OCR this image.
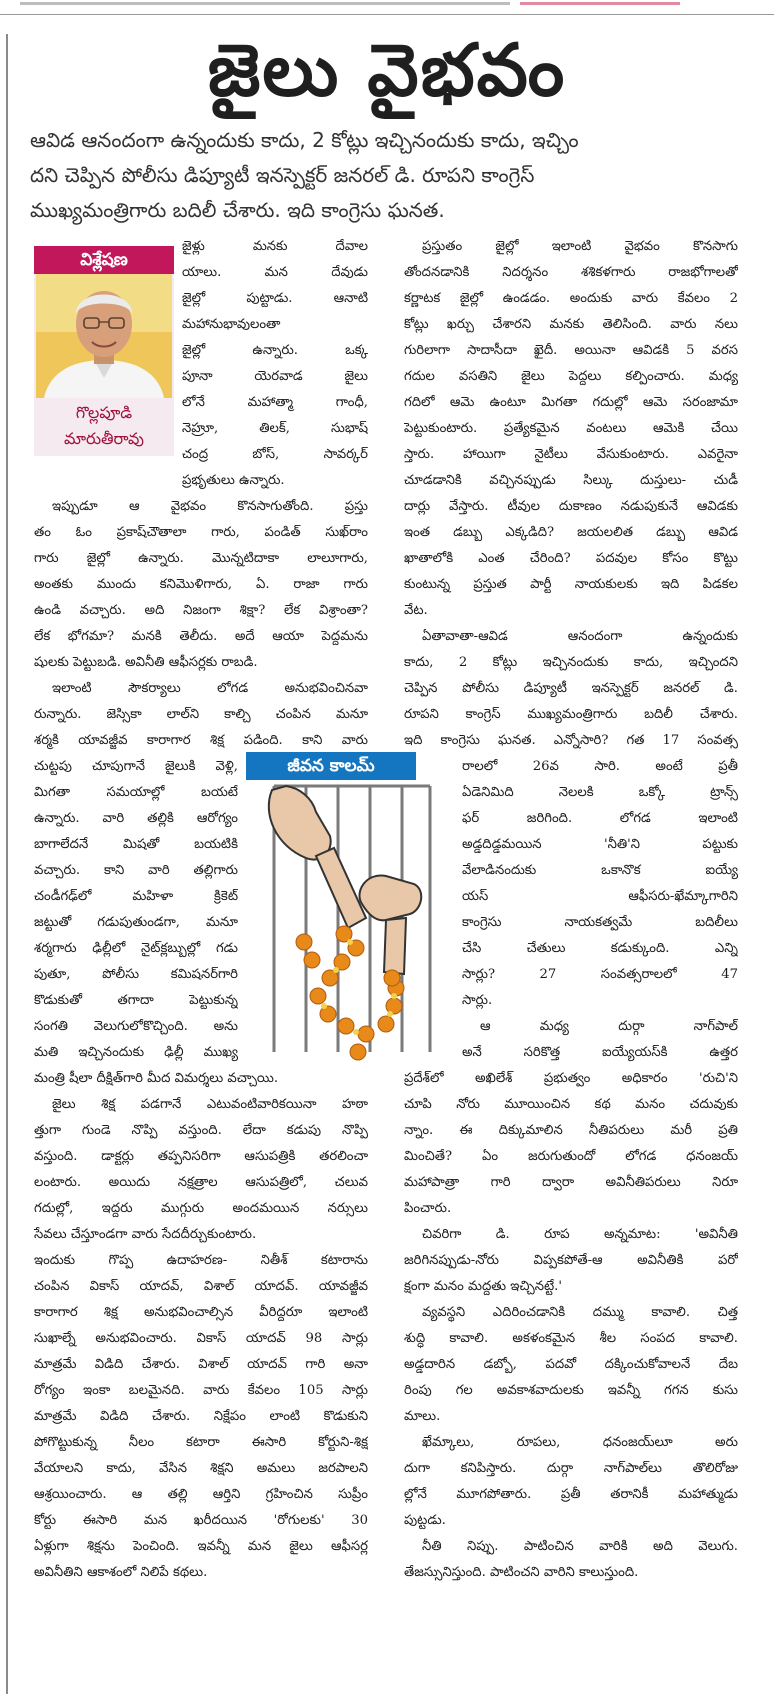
జైలు వైభవం

ఆవిడ ఆనందంగా ఉన్నందుకు కాదు, 2 కోట్లు ఇచ్చినందుకు కాదు, ఇచ్చిం

దని చెప్పిన పోలీసు డిప్యూటీ ఇనస్పెక్టర్ జనరల్ డి. రూపని కాంగ్రెస్

ముఖ్యమంత్రిగారు బదిలీ చేశారు. ఇది కాంగ్రెసు ఘనత.

విశ్లేషణ
గొల్లపూడి
మారుతీరావు
జైళ్లు మనకు దేవాల
యాలు. మన దేవుడు
జైల్లో పుట్టాడు. ఆనాటి
మహానుభావులంతా
జైల్లో ఉన్నారు. ఒక్క
పూనా యెరవాడ జైలు
లోనే మహాత్మా గాంధీ,
నెహ్రూ, తిలక్, సుభాష్
చంద్ర బోస్, సావర్కర్
ప్రభృతులు ఉన్నారు.
ఇప్పుడూ ఆ వైభవం కొనసాగుతోంది. ప్రస్తు
తం ఓం ప్రకాష్‌చౌతాలా గారు, పండిత్ సుఖ్‌రాం
గారు జైల్లో ఉన్నారు. మొన్నటిదాకా లాలూగారు,
అంతకు ముందు కనిమొళిగారు, ఏ. రాజా గారు
ఉండి వచ్చారు. అది నిజంగా శిక్షా? లేక విశ్రాంతా?
లేక భోగమా? మనకి తెలీదు. అదే ఆయా పెద్దమను
షులకు పెట్టుబడి. అవినీతి ఆఫీసర్లకు రాబడి.
ఇలాంటి సౌకర్యాలు లోగడ అనుభవించినవా
రున్నారు. జెస్సికా లాల్‌ని కాల్చి చంపిన మనూ
శర్మకి యావజ్జీవ కారాగార శిక్ష పడింది. కాని వారు
చుట్టపు చూపుగానే జైలుకి వెళ్లి,
మిగతా సమయాల్లో బయటే
ఉన్నారు. వారి తల్లికి ఆరోగ్యం
బాగాలేదనే మిషతో బయటికి
వచ్చారు. కాని వారి తల్లిగారు
చండీగఢ్‌లో మహిళా క్రికెట్
జట్టుతో గడుపుతుండగా, మనూ
శర్మగారు ఢిల్లీలో నైట్‌క్లబ్బుల్లో గడు
పుతూ, పోలీసు కమిషనర్‌గారి
కొడుకుతో తగాదా పెట్టుకున్న
సంగతి వెలుగులోకొచ్చింది. అను
మతి ఇచ్చినందుకు ఢిల్లీ ముఖ్య
మంత్రి షీలా దీక్షిత్‌గారి మీద విమర్శలు వచ్చాయి.
జైలు శిక్ష పడగానే ఎటువంటివారికయినా హఠా
త్తుగా గుండె నొప్పి వస్తుంది. లేదా కడుపు నొప్పి
వస్తుంది. డాక్టర్లు తప్పనిసరిగా ఆసుపత్రికి తరలించా
లంటారు. అయిదు నక్షత్రాల ఆసుపత్రిలో, చలువ
గదుల్లో, ఇద్దరు ముగ్గురు అందమయిన నర్సులు
సేవలు చేస్తూండగా వారు సేదదీర్చుకుంటారు.
ఇందుకు గొప్ప ఉదాహరణ- నితీశ్ కటారాను
చంపిన వికాస్ యాదవ్, విశాల్ యాదవ్. యావజ్జీవ
కారాగార శిక్ష అనుభవించాల్సిన వీరిద్దరూ ఇలాంటి
సుఖాల్నే అనుభవించారు. వికాస్ యాదవ్ 98 సార్లు
మాత్రమే విడిది చేశారు. విశాల్ యాదవ్ గారి అనా
రోగ్యం ఇంకా బలమైనది. వారు కేవలం 105 సార్లు
మాత్రమే విడిది చేశారు. నిక్షేపం లాంటి కొడుకుని
పోగొట్టుకున్న నీలం కటారా ఈసారి కోర్టుని-శిక్ష
వేయాలని కాదు, వేసిన శిక్షని అమలు జరపాలని
ఆశ్రయించారు. ఆ తల్లి ఆర్తిని గ్రహించిన సుప్రీం
కోర్టు ఈసారి మన ఖరీదయిన 'రోగులకు' 30
ఏళ్లుగా శిక్షను పెంచింది. ఇవన్నీ మన జైలు ఆఫీసర్ల
అవినీతిని ఆకాశంలో నిలిపే కథలు.
ప్రస్తుతం జైల్లో ఇలాంటి వైభవం కొనసాగు
తోందనడానికి నిదర్శనం శశికళగారు రాజభోగాలతో
కర్ణాటక జైల్లో ఉండడం. అందుకు వారు కేవలం 2
కోట్లు ఖర్చు చేశారని మనకు తెలిసింది. వారు నలు
గురిలాగా సాదాసీదా ఖైదీ. అయినా ఆవిడకి 5 వరస
గదుల వసతిని జైలు పెద్దలు కల్పించారు. మధ్య
గదిలో ఆమె ఉంటూ మిగతా గదుల్లో ఆమె సరంజామా
పెట్టుకుంటారు. ప్రత్యేకమైన వంటలు ఆమెకి చేయి
స్తారు. హాయిగా నైటీలు వేసుకుంటారు. ఎవరైనా
చూడడానికి వచ్చినప్పుడు సిల్కు దుస్తులు- చుడీ
దార్లు వేస్తారు. టీవుల దుకాణం నడుపుకునే ఆవిడకు
ఇంత డబ్బు ఎక్కడిది? జయలలిత డబ్బు ఆవిడ
ఖాతాలోకి ఎంత చేరింది? పదవుల కోసం కొట్టు
కుంటున్న ప్రస్తుత పార్టీ నాయకులకు ఇది పిడకల
వేట.
ఏతావాతా-ఆవిడ ఆనందంగా ఉన్నందుకు
కాదు, 2 కోట్లు ఇచ్చినందుకు కాదు, ఇచ్చిందని
చెప్పిన పోలీసు డిప్యూటీ ఇనస్పెక్టర్ జనరల్ డి.
రూపని కాంగ్రెస్ ముఖ్యమంత్రిగారు బదిలీ చేశారు.
ఇది కాంగ్రెసు ఘనత. ఎన్నోసారి? గత 17 సంవత్స
రాలలో 26వ సారి. అంటే ప్రతీ
ఏడెనిమిది నెలలకి ఒక్కో ట్రాన్స్
ఫర్ జరిగింది. లోగడ ఇలాంటి
అడ్డదిడ్డమయిన 'నీతి'ని పట్టుకు
వేలాడినందుకు ఒకానొక ఐయ్యే
యస్ ఆఫీసరు-ఖేమ్కాగారిని
కాంగ్రెసు నాయకత్వమే బదిలీలు
చేసి చేతులు కడుక్కుంది. ఎన్ని
సార్లు? 27 సంవత్సరాలలో 47
సార్లు.
ఆ మధ్య దుర్గా నాగ్‌పాల్
అనే సరికొత్త ఐయ్యేయస్‌కి ఉత్తర
ప్రదేశ్‌లో అఖిలేశ్ ప్రభుత్వం అధికారం 'రుచి'ని
చూపి నోరు మూయించిన కథ మనం చదువుకు
న్నాం. ఈ దిక్కుమాలిన నీతిపరులు మరీ ప్రతి
మించితే? ఏం జరుగుతుందో లోగడ ధనంజయ్
మహాపాత్రా గారి ద్వారా అవినీతిపరులు నిరూ
పించారు.
చివరిగా డి. రూప అన్నమాట: 'అవినీతి
జరిగినప్పుడు-నోరు విప్పకపోతే-ఆ అవినీతికి పరో
క్షంగా మనం మద్దతు ఇచ్చినట్టే.'
వ్యవస్థని ఎదిరించడానికి దమ్ము కావాలి. చిత్త
శుద్ధి కావాలి. అకళంకమైన శీల సంపద కావాలి.
అడ్డదారిన డబ్బో, పదవో దక్కించుకోవాలనే దేబ
రింపు గల అవకాశవాదులకు ఇవన్నీ గగన కుసు
మాలు.
ఖేమ్కాలు, రూపలు, ధనంజయ్‌లూ అరు
దుగా కనిపిస్తారు. దుర్గా నాగ్‌పాల్‌లు తొలిరోజు
ల్లోనే మూగపోతారు. ప్రతీ తరానికీ మహాత్ముడు
పుట్టడు.
నీతి నిప్పు. పాటించిన వారికి అది వెలుగు.
తేజస్సునిస్తుంది. పాటించని వారిని కాలుస్తుంది.
జీవన కాలమ్
